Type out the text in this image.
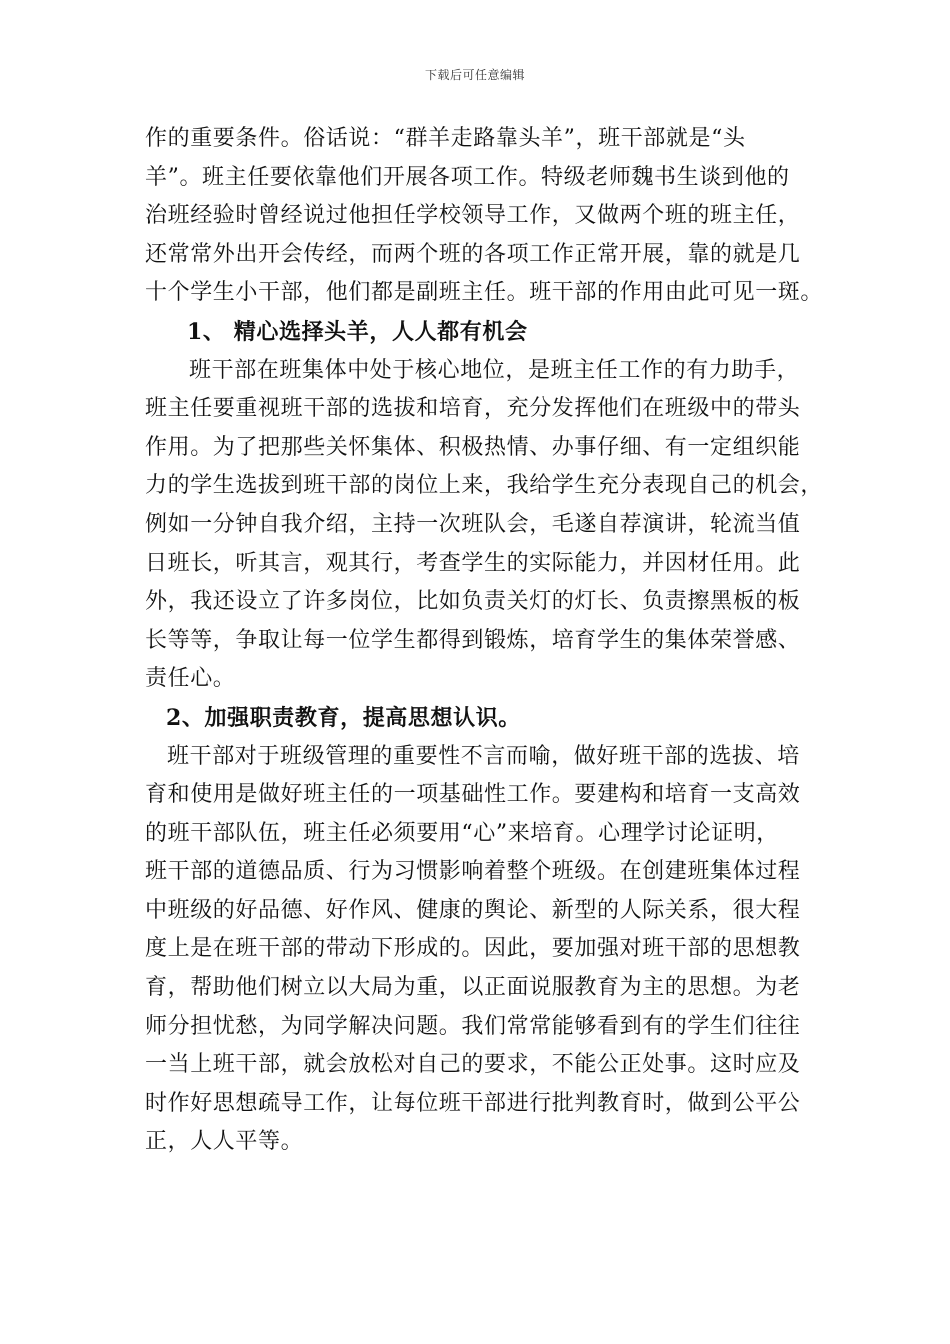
下载后可任意编辑
作的重要条件。俗话说：“群羊走路靠头羊”，班干部就是“头
羊”。班主任要依靠他们开展各项工作。特级老师魏书生谈到他的
治班经验时曾经说过他担任学校领导工作，又做两个班的班主任，
还常常外出开会传经，而两个班的各项工作正常开展，靠的就是几
十个学生小干部，他们都是副班主任。班干部的作用由此可见一斑。
1、 精心选择头羊，人人都有机会
班干部在班集体中处于核心地位，是班主任工作的有力助手，
班主任要重视班干部的选拔和培育，充分发挥他们在班级中的带头
作用。为了把那些关怀集体、积极热情、办事仔细、有一定组织能
力的学生选拔到班干部的岗位上来，我给学生充分表现自己的机会，
例如一分钟自我介绍，主持一次班队会，毛遂自荐演讲，轮流当值
日班长，听其言，观其行，考查学生的实际能力，并因材任用。此
外，我还设立了许多岗位，比如负责关灯的灯长、负责擦黑板的板
长等等，争取让每一位学生都得到锻炼，培育学生的集体荣誉感、
责任心。
2、加强职责教育，提高思想认识。
班干部对于班级管理的重要性不言而喻，做好班干部的选拔、培
育和使用是做好班主任的一项基础性工作。要建构和培育一支高效
的班干部队伍，班主任必须要用“心”来培育。心理学讨论证明，
班干部的道德品质、行为习惯影响着整个班级。在创建班集体过程
中班级的好品德、好作风、健康的舆论、新型的人际关系，很大程
度上是在班干部的带动下形成的。因此，要加强对班干部的思想教
育，帮助他们树立以大局为重，以正面说服教育为主的思想。为老
师分担忧愁，为同学解决问题。我们常常能够看到有的学生们往往
一当上班干部，就会放松对自己的要求，不能公正处事。这时应及
时作好思想疏导工作，让每位班干部进行批判教育时，做到公平公
正，人人平等。
